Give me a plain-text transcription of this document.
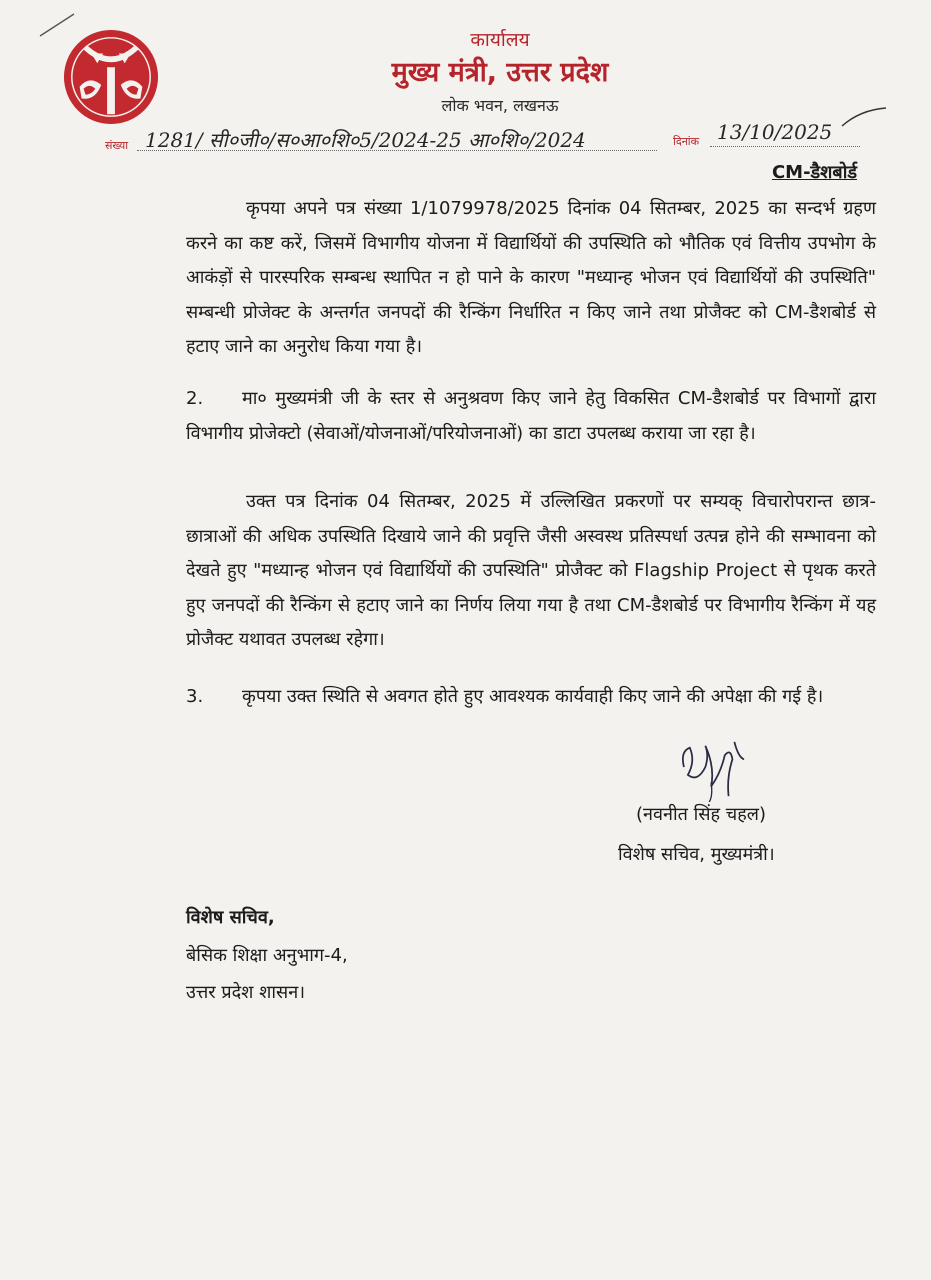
कार्यालय
मुख्य मंत्री, उत्तर प्रदेश
लोक भवन, लखनऊ
संख्या 1281/ सी०जी०/स०आ०शि०5/2024-25 आ०शि०/2024	दिनांक 13/10/2025
CM-डैशबोर्ड
कृपया अपने पत्र संख्या 1/1079978/2025 दिनांक 04 सितम्बर, 2025 का सन्दर्भ ग्रहण करने का कष्ट करें, जिसमें विभागीय योजना में विद्यार्थियों की उपस्थिति को भौतिक एवं वित्तीय उपभोग के आकंड़ों से पारस्परिक सम्बन्ध स्थापित न हो पाने के कारण "मध्यान्ह भोजन एवं विद्यार्थियों की उपस्थिति" सम्बन्धी प्रोजेक्ट के अन्तर्गत जनपदों की रैन्किंग निर्धारित न किए जाने तथा प्रोजैक्ट को CM-डैशबोर्ड से हटाए जाने का अनुरोध किया गया है।
2. मा० मुख्यमंत्री जी के स्तर से अनुश्रवण किए जाने हेतु विकसित CM-डैशबोर्ड पर विभागों द्वारा विभागीय प्रोजेक्टो (सेवाओं/योजनाओं/परियोजनाओं) का डाटा उपलब्ध कराया जा रहा है।
उक्त पत्र दिनांक 04 सितम्बर, 2025 में उल्लिखित प्रकरणों पर सम्यक् विचारोपरान्त छात्र-छात्राओं की अधिक उपस्थिति दिखाये जाने की प्रवृत्ति जैसी अस्वस्थ प्रतिस्पर्धा उत्पन्न होने की सम्भावना को देखते हुए "मध्यान्ह भोजन एवं विद्यार्थियों की उपस्थिति" प्रोजैक्ट को Flagship Project से पृथक करते हुए जनपदों की रैन्किंग से हटाए जाने का निर्णय लिया गया है तथा CM-डैशबोर्ड पर विभागीय रैन्किंग में यह प्रोजैक्ट यथावत उपलब्ध रहेगा।
3. कृपया उक्त स्थिति से अवगत होते हुए आवश्यक कार्यवाही किए जाने की अपेक्षा की गई है।
(नवनीत सिंह चहल)
विशेष सचिव, मुख्यमंत्री।
विशेष सचिव,
बेसिक शिक्षा अनुभाग-4,
उत्तर प्रदेश शासन।
